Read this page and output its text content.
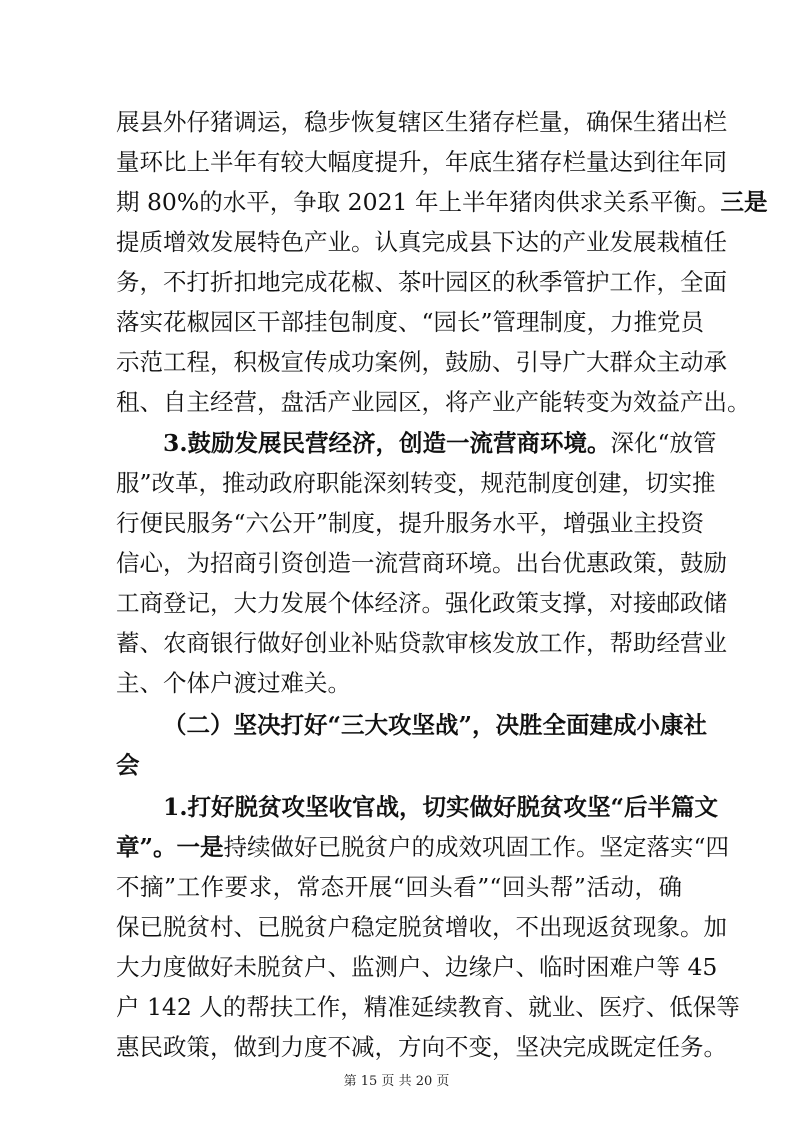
展县外仔猪调运，稳步恢复辖区生猪存栏量，确保生猪出栏
量环比上半年有较大幅度提升，年底生猪存栏量达到往年同
期 80%的水平，争取 2021 年上半年猪肉供求关系平衡。三是
提质增效发展特色产业。认真完成县下达的产业发展栽植任
务，不打折扣地完成花椒、茶叶园区的秋季管护工作，全面
落实花椒园区干部挂包制度、“园长”管理制度，力推党员
示范工程，积极宣传成功案例，鼓励、引导广大群众主动承
租、自主经营，盘活产业园区，将产业产能转变为效益产出。
3.鼓励发展民营经济，创造一流营商环境。深化“放管
服”改革，推动政府职能深刻转变，规范制度创建，切实推
行便民服务“六公开”制度，提升服务水平，增强业主投资
信心，为招商引资创造一流营商环境。出台优惠政策，鼓励
工商登记，大力发展个体经济。强化政策支撑，对接邮政储
蓄、农商银行做好创业补贴贷款审核发放工作，帮助经营业
主、个体户渡过难关。
（二）坚决打好“三大攻坚战”，决胜全面建成小康社
会
1.打好脱贫攻坚收官战，切实做好脱贫攻坚“后半篇文
章”。一是持续做好已脱贫户的成效巩固工作。坚定落实“四
不摘”工作要求，常态开展“回头看”“回头帮”活动，确
保已脱贫村、已脱贫户稳定脱贫增收，不出现返贫现象。加
大力度做好未脱贫户、监测户、边缘户、临时困难户等 45
户 142 人的帮扶工作，精准延续教育、就业、医疗、低保等
惠民政策，做到力度不减，方向不变，坚决完成既定任务。
第 15 页 共 20 页
